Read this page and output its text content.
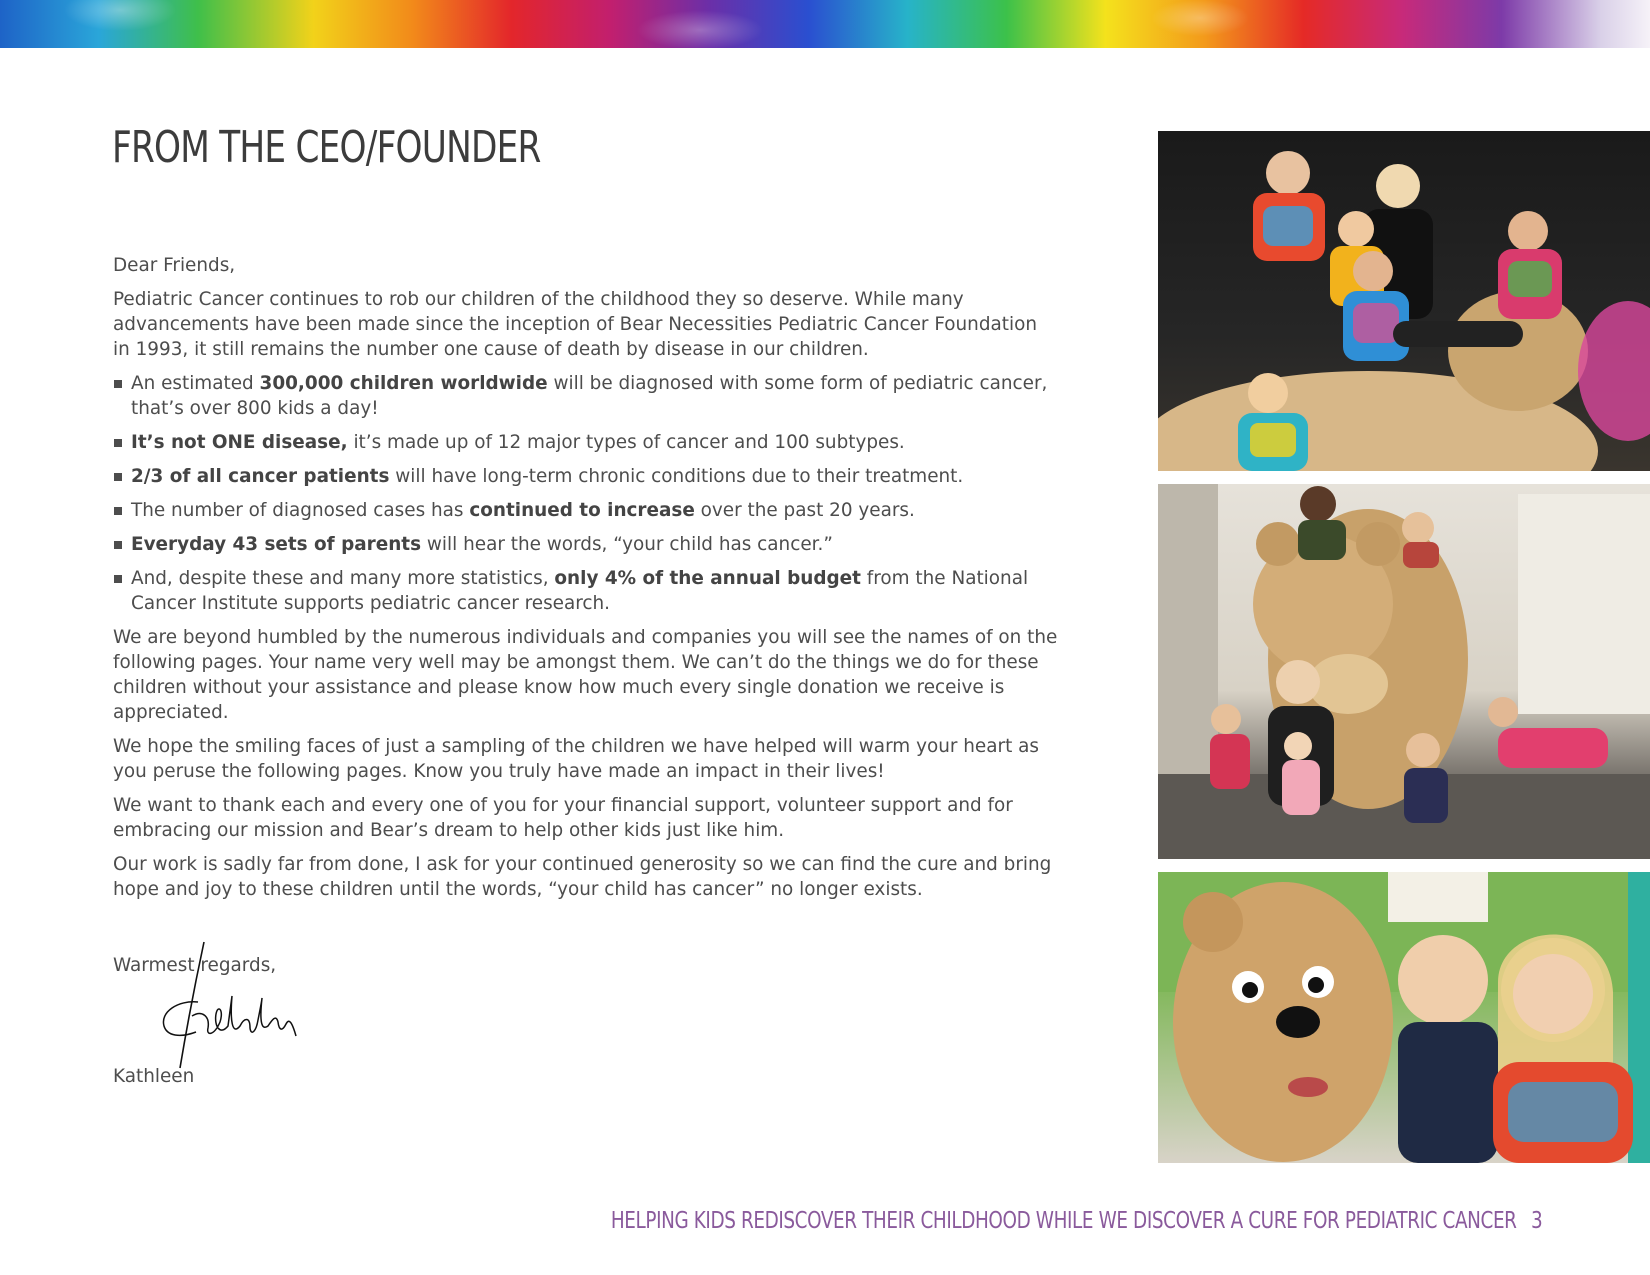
FROM THE CEO/FOUNDER

Dear Friends,

Pediatric Cancer continues to rob our children of the childhood they so deserve. While many advancements have been made since the inception of Bear Necessities Pediatric Cancer Foundation in 1993, it still remains the number one cause of death by disease in our children.

An estimated 300,000 children worldwide will be diagnosed with some form of pediatric cancer, that’s over 800 kids a day!
It’s not ONE disease, it’s made up of 12 major types of cancer and 100 subtypes.
2/3 of all cancer patients will have long-term chronic conditions due to their treatment.
The number of diagnosed cases has continued to increase over the past 20 years.
Everyday 43 sets of parents will hear the words, “your child has cancer.”
And, despite these and many more statistics, only 4% of the annual budget from the National Cancer Institute supports pediatric cancer research.

We are beyond humbled by the numerous individuals and companies you will see the names of on the following pages. Your name very well may be amongst them. We can’t do the things we do for these children without your assistance and please know how much every single donation we receive is appreciated.

We hope the smiling faces of just a sampling of the children we have helped will warm your heart as you peruse the following pages. Know you truly have made an impact in their lives!

We want to thank each and every one of you for your financial support, volunteer support and for embracing our mission and Bear’s dream to help other kids just like him.

Our work is sadly far from done, I ask for your continued generosity so we can find the cure and bring hope and joy to these children until the words, “your child has cancer” no longer exists.

Warmest regards,
Kathleen
HELPING KIDS REDISCOVER THEIR CHILDHOOD WHILE WE DISCOVER A CURE FOR PEDIATRIC CANCER 3
